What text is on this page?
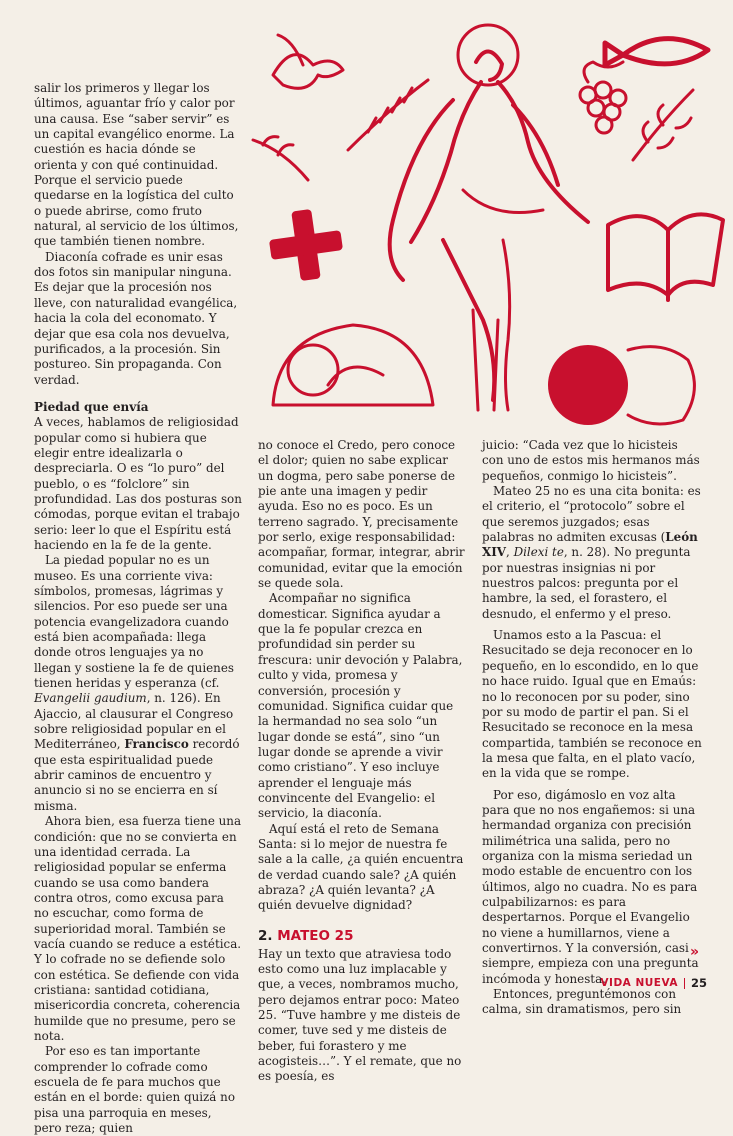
salir los primeros y llegar los últimos, aguantar frío y calor por una causa. Ese “saber servir” es un capital evangélico enorme. La cuestión es hacia dónde se orienta y con qué continuidad. Porque el servicio puede quedarse en la logística del culto o puede abrirse, como fruto natural, al servicio de los últimos, que también tienen nombre.

Diaconía cofrade es unir esas dos fotos sin manipular ninguna. Es dejar que la procesión nos lleve, con naturalidad evangélica, hacia la cola del economato. Y dejar que esa cola nos devuelva, purificados, a la procesión. Sin postureo. Sin propaganda. Con verdad.

Piedad que envía

A veces, hablamos de religiosidad popular como si hubiera que elegir entre idealizarla o despreciarla. O es “lo puro” del pueblo, o es “folclore” sin profundidad. Las dos posturas son cómodas, porque evitan el trabajo serio: leer lo que el Espíritu está haciendo en la fe de la gente.

La piedad popular no es un museo. Es una corriente viva: símbolos, promesas, lágrimas y silencios. Por eso puede ser una potencia evangelizadora cuando está bien acompañada: llega donde otros lenguajes ya no llegan y sostiene la fe de quienes tienen heridas y esperanza (cf. Evangelii gaudium, n. 126). En Ajaccio, al clausurar el Congreso sobre religiosidad popular en el Mediterráneo, Francisco recordó que esta espiritualidad puede abrir caminos de encuentro y anuncio si no se encierra en sí misma.

Ahora bien, esa fuerza tiene una condición: que no se convierta en una identidad cerrada. La religiosidad popular se enferma cuando se usa como bandera contra otros, como excusa para no escuchar, como forma de superioridad moral. También se vacía cuando se reduce a estética. Y lo cofrade no se defiende solo con estética. Se defiende con vida cristiana: santidad cotidiana, misericordia concreta, coherencia humilde que no presume, pero se nota.

Por eso es tan importante comprender lo cofrade como escuela de fe para muchos que están en el borde: quien quizá no pisa una parroquia en meses, pero reza; quien

no conoce el Credo, pero conoce el dolor; quien no sabe explicar un dogma, pero sabe ponerse de pie ante una imagen y pedir ayuda. Eso no es poco. Es un terreno sagrado. Y, precisamente por serlo, exige responsabilidad: acompañar, formar, integrar, abrir comunidad, evitar que la emoción se quede sola.

Acompañar no significa domesticar. Significa ayudar a que la fe popular crezca en profundidad sin perder su frescura: unir devoción y Palabra, culto y vida, promesa y conversión, procesión y comunidad. Significa cuidar que la hermandad no sea solo “un lugar donde se está”, sino “un lugar donde se aprende a vivir como cristiano”. Y eso incluye aprender el lenguaje más convincente del Evangelio: el servicio, la diaconía.

Aquí está el reto de Semana Santa: si lo mejor de nuestra fe sale a la calle, ¿a quién encuentra de verdad cuando sale? ¿A quién abraza? ¿A quién levanta? ¿A quién devuelve dignidad?

2. MATEO 25

Hay un texto que atraviesa todo esto como una luz implacable y que, a veces, nombramos mucho, pero dejamos entrar poco: Mateo 25. “Tuve hambre y me disteis de comer, tuve sed y me disteis de beber, fui forastero y me acogisteis…”. Y el remate, que no es poesía, es

juicio: “Cada vez que lo hicisteis con uno de estos mis hermanos más pequeños, conmigo lo hicisteis”.

Mateo 25 no es una cita bonita: es el criterio, el “protocolo” sobre el que seremos juzgados; esas palabras no admiten excusas (León XIV, Dilexi te, n. 28). No pregunta por nuestras insignias ni por nuestros palcos: pregunta por el hambre, la sed, el forastero, el desnudo, el enfermo y el preso.

Unamos esto a la Pascua: el Resucitado se deja reconocer en lo pequeño, en lo escondido, en lo que no hace ruido. Igual que en Emaús: no lo reconocen por su poder, sino por su modo de partir el pan. Si el Resucitado se reconoce en la mesa compartida, también se reconoce en la mesa que falta, en el plato vacío, en la vida que se rompe.

Por eso, digámoslo en voz alta para que no nos engañemos: si una hermandad organiza con precisión milimétrica una salida, pero no organiza con la misma seriedad un modo estable de encuentro con los últimos, algo no cuadra. No es para culpabilizarnos: es para despertarnos. Porque el Evangelio no viene a humillarnos, viene a convertirnos. Y la conversión, casi siempre, empieza con una pregunta incómoda y honesta.

Entonces, preguntémonos con calma, sin dramatismos, pero sin

»
VIDA NUEVA 25
